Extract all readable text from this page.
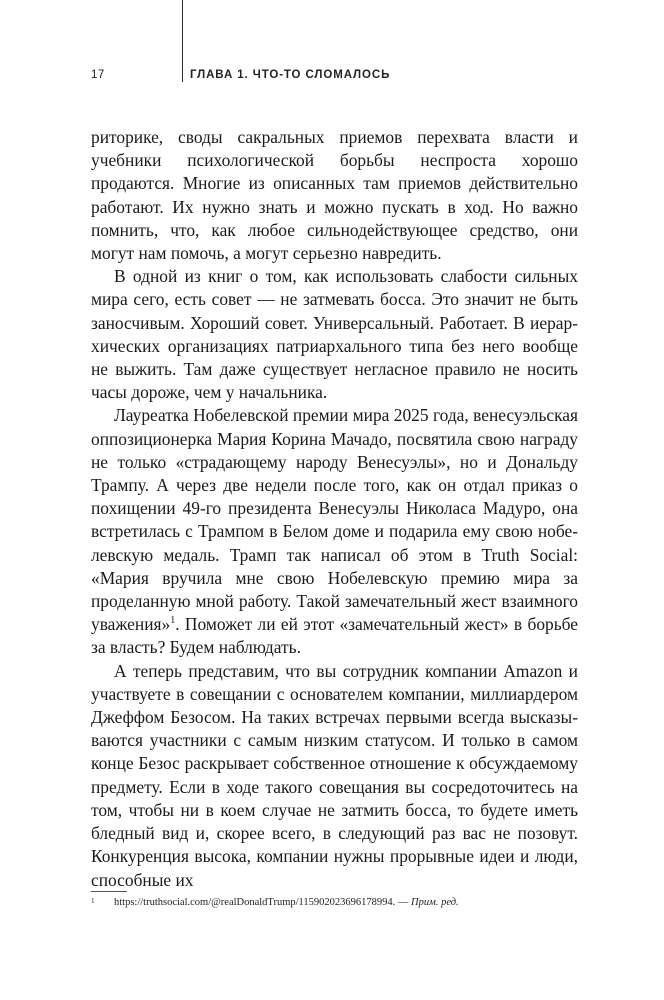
17	ГЛАВА 1. ЧТО-ТО СЛОМАЛОСЬ

риторике, своды сакральных приемов перехвата власти и учебники психологической борьбы неспроста хорошо продаются. Многие из описанных там приемов действительно работают. Их нужно знать и можно пускать в ход. Но важно помнить, что, как любое сильнодействующее средство, они могут нам помочь, а могут серьезно навредить.

В одной из книг о том, как использовать слабости сильных мира сего, есть совет — не затмевать босса. Это значит не быть заносчивым. Хороший совет. Универсальный. Работает. В иерархических организациях патриархального типа без него вообще не выжить. Там даже существует негласное правило не носить часы дороже, чем у начальника.

Лауреатка Нобелевской премии мира 2025 года, венесуэльская оппозиционерка Мария Корина Мачадо, посвятила свою награду не только «страдающему народу Венесуэлы», но и Дональду Трампу. А через две недели после того, как он отдал приказ о похищении 49-го президента Венесуэлы Николаса Мадуро, она встретилась с Трампом в Белом доме и подарила ему свою нобелевскую медаль. Трамп так написал об этом в Truth Social: «Мария вручила мне свою Нобелевскую премию мира за проделанную мной работу. Такой замечательный жест взаимного уважения»$^1$. Поможет ли ей этот «замечательный жест» в борьбе за власть? Будем наблюдать.

А теперь представим, что вы сотрудник компании Amazon и участвуете в совещании с основателем компании, миллиардером Джеффом Безосом. На таких встречах первыми всегда высказываются участники с самым низким статусом. И только в самом конце Безос раскрывает собственное отношение к обсуждаемому предмету. Если в ходе такого совещания вы сосредоточитесь на том, чтобы ни в коем случае не затмить босса, то будете иметь бледный вид и, скорее всего, в следующий раз вас не позовут. Конкуренция высока, компании нужны прорывные идеи и люди, способные их

1 https://truthsocial.com/@realDonaldTrump/115902023696178994. — Прим. ред.
